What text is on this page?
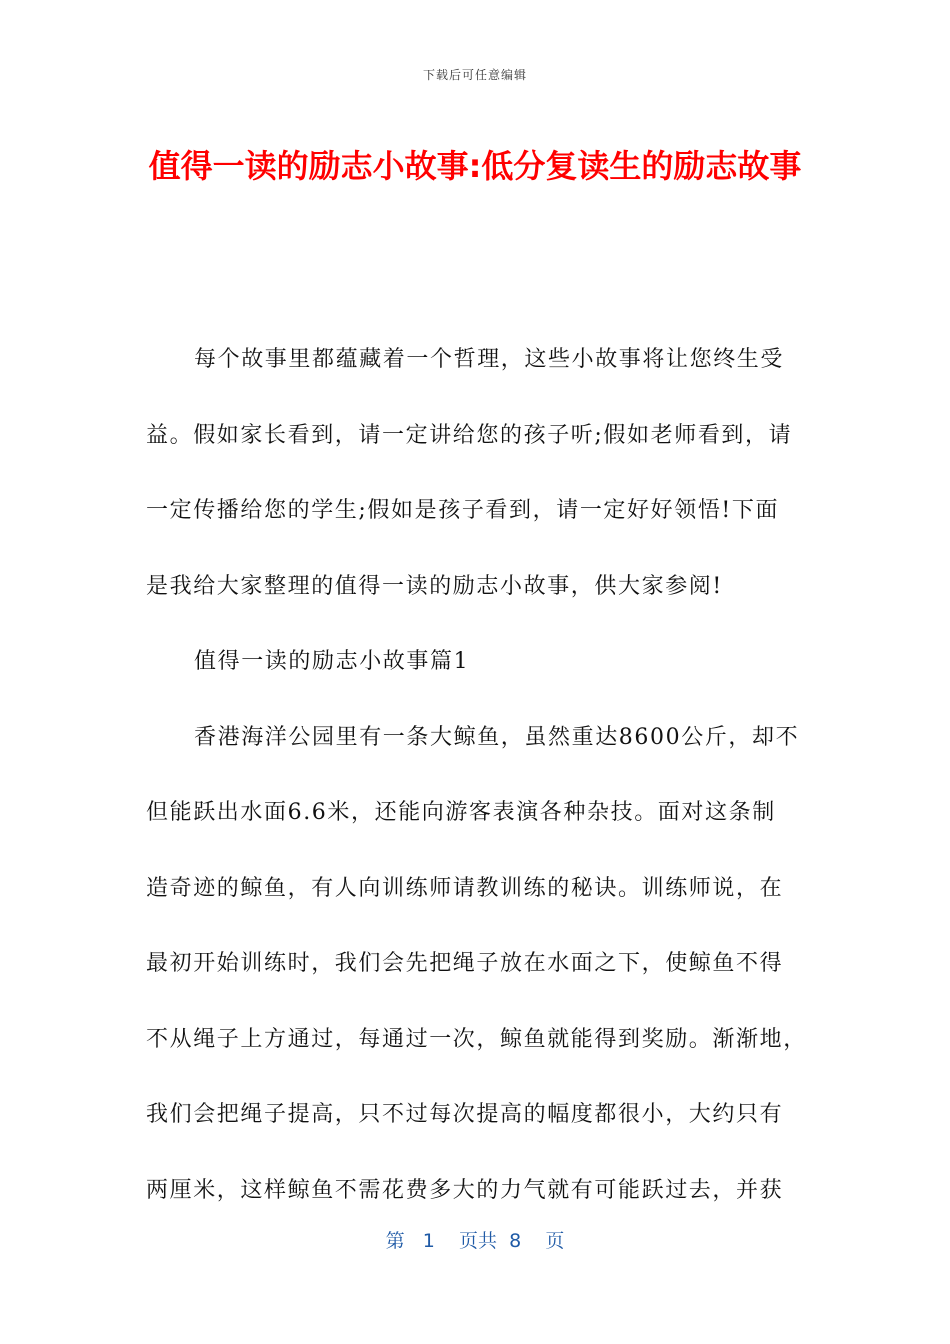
下载后可任意编辑
值得一读的励志小故事:低分复读生的励志故事
每个故事里都蕴藏着一个哲理，这些小故事将让您终生受
益。假如家长看到，请一定讲给您的孩子听;假如老师看到，请
一定传播给您的学生;假如是孩子看到，请一定好好领悟!下面
是我给大家整理的值得一读的励志小故事，供大家参阅!
值得一读的励志小故事篇1
香港海洋公园里有一条大鲸鱼，虽然重达8600公斤，却不
但能跃出水面6.6米，还能向游客表演各种杂技。面对这条制
造奇迹的鲸鱼，有人向训练师请教训练的秘诀。训练师说，在
最初开始训练时，我们会先把绳子放在水面之下，使鲸鱼不得
不从绳子上方通过，每通过一次，鲸鱼就能得到奖励。渐渐地，
我们会把绳子提高，只不过每次提高的幅度都很小，大约只有
两厘米，这样鲸鱼不需花费多大的力气就有可能跃过去，并获
第 1 页共 8 页
